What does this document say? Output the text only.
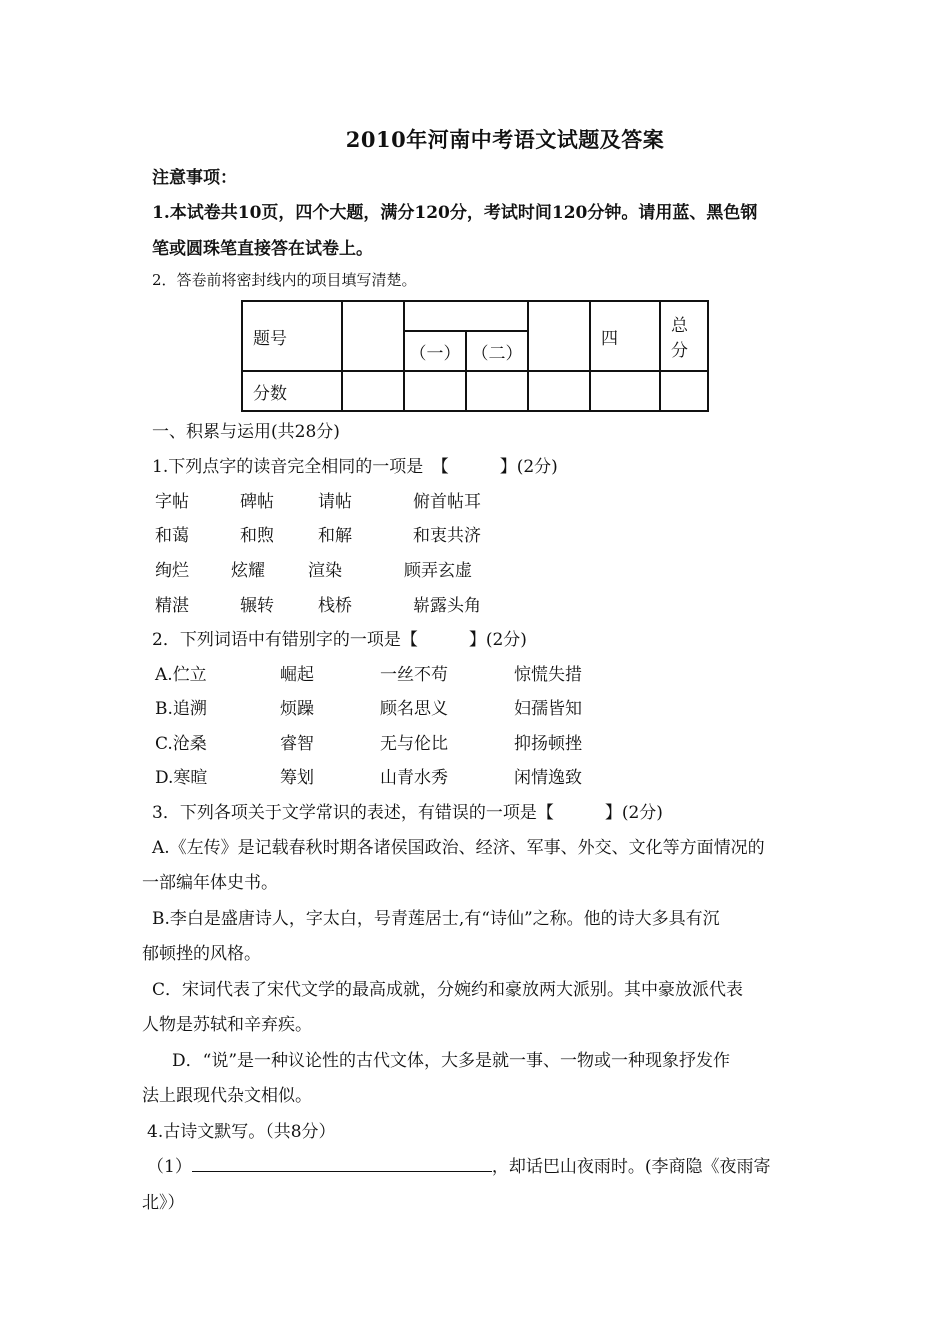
2010年河南中考语文试题及答案
注意事项：
1.本试卷共10页，四个大题，满分120分，考试时间120分钟。请用蓝、黑色钢
笔或圆珠笔直接答在试卷上。
2．答卷前将密封线内的项目填写清楚。
题号					四	总　分
		（一）	（二）			
分数						
一、积累与运用(共28分)
1.下列点字的读音完全相同的一项是　【　　　】(2分)
字帖	碑帖	请帖	俯首帖耳
和蔼	和煦	和解	和衷共济
绚烂 炫耀	渲染	顾弄玄虚
精湛	辗转	栈桥	崭露头角
2．下列词语中有错别字的一项是【　　　】(2分)
A.伫立	崛起	一丝不苟	惊慌失措
B.追溯	烦躁	顾名思义	妇孺皆知
C.沧桑	睿智	无与伦比	抑扬顿挫
D.寒暄	筹划	山青水秀	闲情逸致
3．下列各项关于文学常识的表述，有错误的一项是【　　　】(2分)
A.《左传》是记载春秋时期各诸侯国政治、经济、军事、外交、文化等方面情况的
一部编年体史书。
B.李白是盛唐诗人，字太白，号青莲居士,有“诗仙”之称。他的诗大多具有沉
郁顿挫的风格。
C．宋词代表了宋代文学的最高成就，分婉约和豪放两大派别。其中豪放派代表
人物是苏轼和辛弃疾。
D．“说”是一种议论性的古代文体，大多是就一事、一物或一种现象抒发作
法上跟现代杂文相似。
4.古诗文默写。（共8分）
（1）	，却话巴山夜雨时。(李商隐《夜雨寄
北》）
